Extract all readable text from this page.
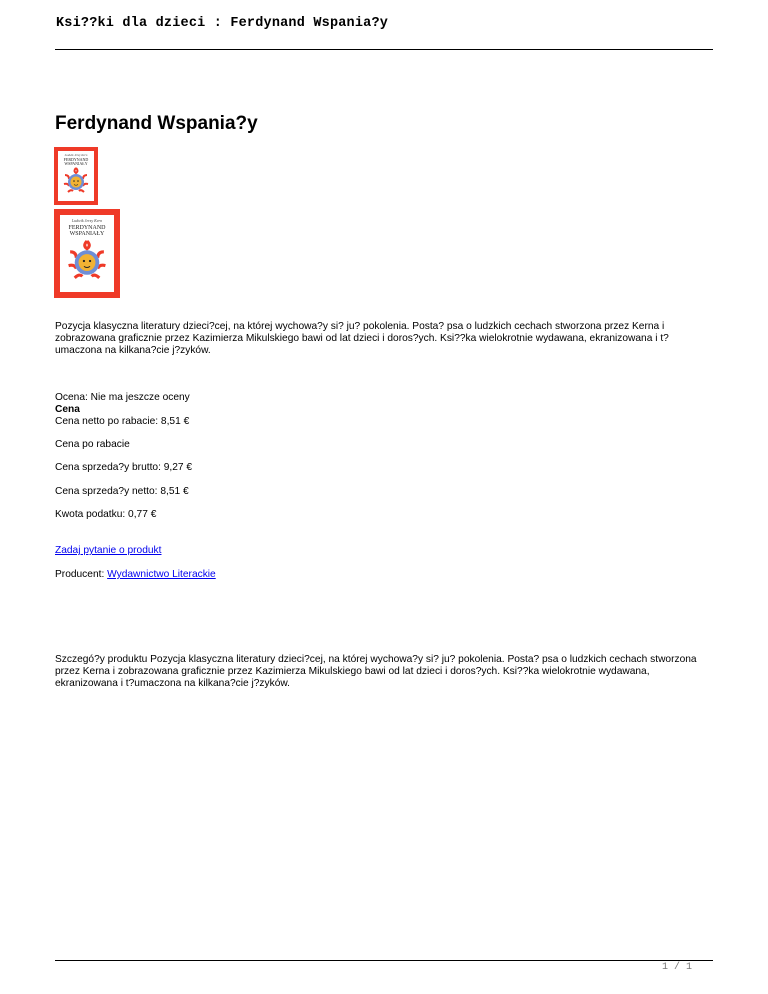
Ksi??ki dla dzieci : Ferdynand Wspania?y
Ferdynand Wspania?y
Ludwik Jerzy Kern
FERDYNAND
WSPANIAŁY
Ludwik Jerzy Kern
FERDYNAND
WSPANIAŁY

Pozycja klasyczna literatury dzieci?cej, na której wychowa?y si? ju? pokolenia. Posta? psa o ludzkich cechach stworzona przez Kerna i zobrazowana graficznie przez Kazimierza Mikulskiego bawi od lat dzieci i doros?ych. Ksi??ka wielokrotnie wydawana, ekranizowana i t?umaczona na kilkana?cie j?zyków.

Ocena: Nie ma jeszcze oceny
Cena
Cena netto po rabacie: 8,51 €
Cena po rabacie
Cena sprzeda?y brutto: 9,27 €
Cena sprzeda?y netto: 8,51 €
Kwota podatku: 0,77 €
Zadaj pytanie o produkt
Producent: Wydawnictwo Literackie

Szczegó?y produktu Pozycja klasyczna literatury dzieci?cej, na której wychowa?y si? ju? pokolenia. Posta? psa o ludzkich cechach stworzona przez Kerna i zobrazowana graficznie przez Kazimierza Mikulskiego bawi od lat dzieci i doros?ych. Ksi??ka wielokrotnie wydawana, ekranizowana i t?umaczona na kilkana?cie j?zyków.

1 / 1
